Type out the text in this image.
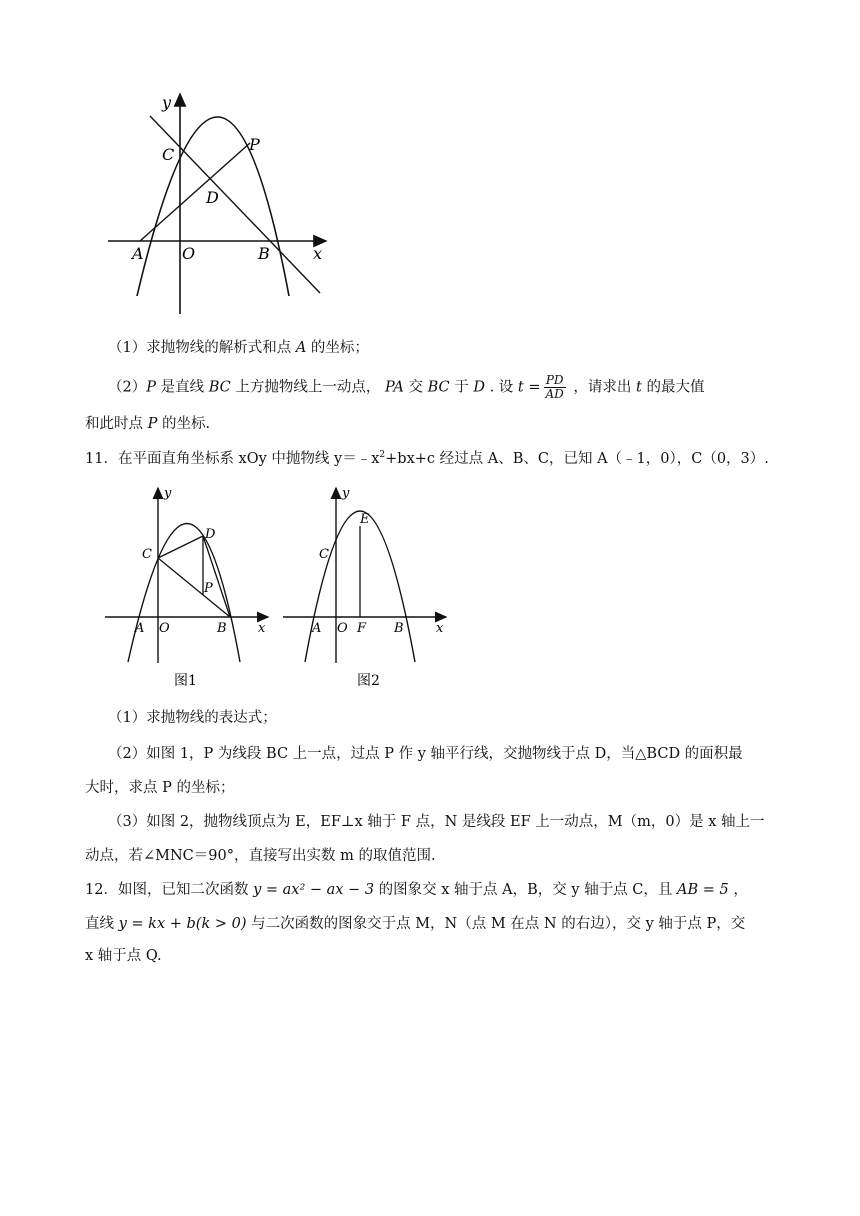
y
C
P
D
A O	B	x
（1）求抛物线的解析式和点 A 的坐标；
（2）P 是直线 BC 上方抛物线上一动点， PA 交 BC 于 D . 设 $t = \frac{PD}{AD}$ ，请求出 t 的最大值
和此时点 P 的坐标.
11．在平面直角坐标系 xOy 中抛物线 $y=﹣x^2+bx+c$ 经过点 A、B、C，已知 A（﹣1，0），C（0，3）.
y
C
D
P
A O	B x
图1
y
E
C
A O F B x
图2
（1）求抛物线的表达式；
（2）如图 1，P 为线段 BC 上一点，过点 P 作 y 轴平行线，交抛物线于点 D，当△BCD 的面积最
大时，求点 P 的坐标；
（3）如图 2，抛物线顶点为 E，EF⊥x 轴于 F 点，N 是线段 EF 上一动点，M（m，0）是 x 轴上一
动点，若∠MNC＝90°，直接写出实数 m 的取值范围.
12．如图，已知二次函数 y = ax² − ax − 3 的图象交 x 轴于点 A，B，交 y 轴于点 C，且 AB = 5 ，
直线 y = kx + b(k > 0) 与二次函数的图象交于点 M，N（点 M 在点 N 的右边），交 y 轴于点 P，交
x 轴于点 Q.
